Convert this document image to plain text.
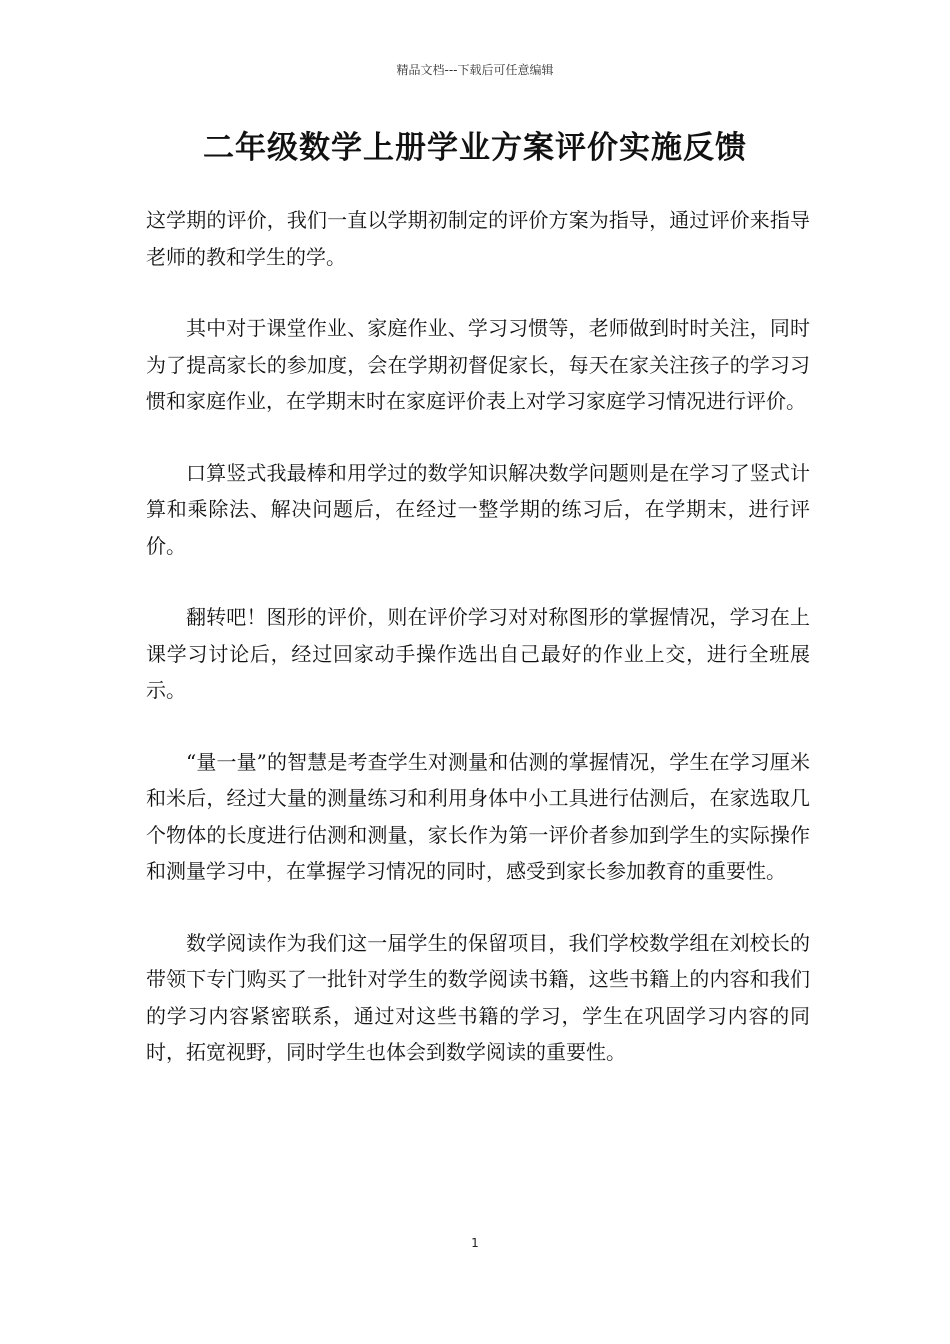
精品文档---下载后可任意编辑
二年级数学上册学业方案评价实施反馈

这学期的评价，我们一直以学期初制定的评价方案为指导，通过评价来指导老师的教和学生的学。

其中对于课堂作业、家庭作业、学习习惯等，老师做到时时关注，同时为了提高家长的参加度，会在学期初督促家长，每天在家关注孩子的学习习惯和家庭作业，在学期末时在家庭评价表上对学习家庭学习情况进行评价。

口算竖式我最棒和用学过的数学知识解决数学问题则是在学习了竖式计算和乘除法、解决问题后，在经过一整学期的练习后，在学期末，进行评价。

翻转吧！图形的评价，则在评价学习对对称图形的掌握情况，学习在上课学习讨论后，经过回家动手操作选出自己最好的作业上交，进行全班展示。

“量一量”的智慧是考查学生对测量和估测的掌握情况，学生在学习厘米和米后，经过大量的测量练习和利用身体中小工具进行估测后，在家选取几个物体的长度进行估测和测量，家长作为第一评价者参加到学生的实际操作和测量学习中，在掌握学习情况的同时，感受到家长参加教育的重要性。

数学阅读作为我们这一届学生的保留项目，我们学校数学组在刘校长的带领下专门购买了一批针对学生的数学阅读书籍，这些书籍上的内容和我们的学习内容紧密联系，通过对这些书籍的学习，学生在巩固学习内容的同时，拓宽视野，同时学生也体会到数学阅读的重要性。

1
